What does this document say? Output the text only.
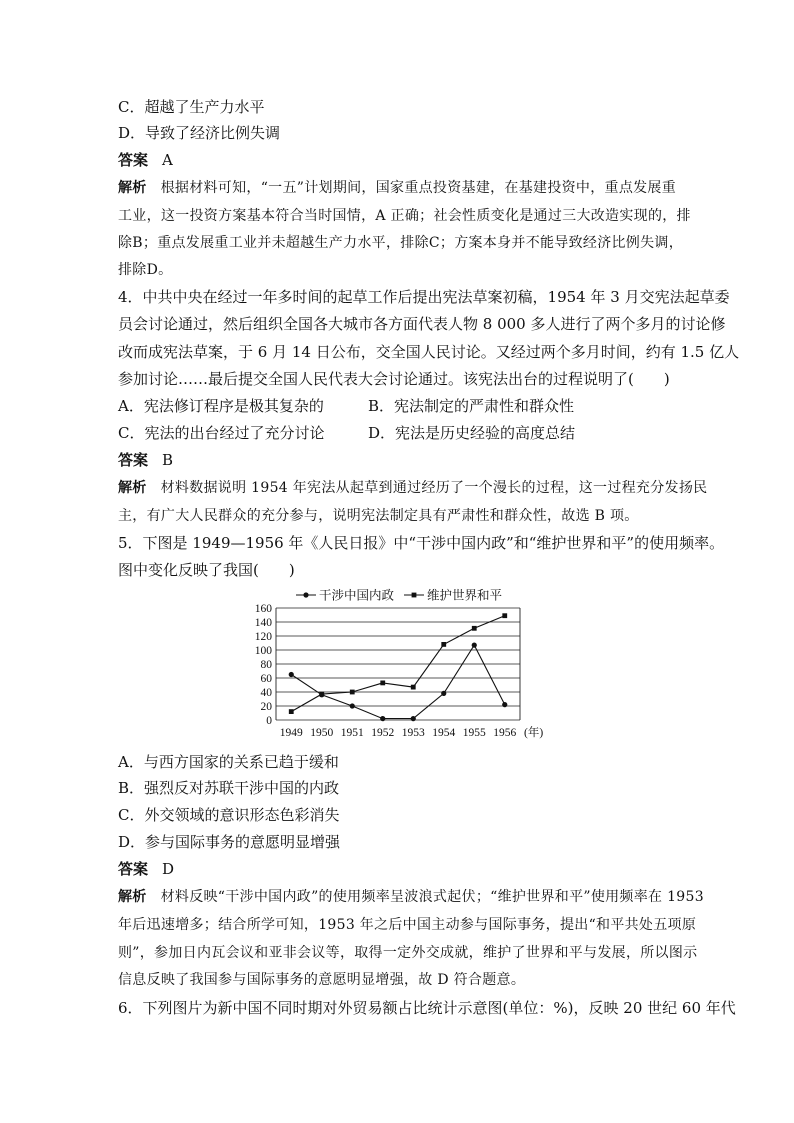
C．超越了生产力水平
D．导致了经济比例失调
答案 A
解析 根据材料可知，“一五”计划期间，国家重点投资基建，在基建投资中，重点发展重
工业，这一投资方案基本符合当时国情，A 正确；社会性质变化是通过三大改造实现的，排
除B；重点发展重工业并未超越生产力水平，排除C；方案本身并不能导致经济比例失调，
排除D。
4．中共中央在经过一年多时间的起草工作后提出宪法草案初稿，1954 年 3 月交宪法起草委
员会讨论通过，然后组织全国各大城市各方面代表人物 8 000 多人进行了两个多月的讨论修
改而成宪法草案，于 6 月 14 日公布，交全国人民讨论。又经过两个多月时间，约有 1.5 亿人
参加讨论……最后提交全国人民代表大会讨论通过。该宪法出台的过程说明了(　　)
A．宪法修订程序是极其复杂的	B．宪法制定的严肃性和群众性
C．宪法的出台经过了充分讨论	D．宪法是历史经验的高度总结
答案 B
解析 材料数据说明 1954 年宪法从起草到通过经历了一个漫长的过程，这一过程充分发扬民
主，有广大人民群众的充分参与，说明宪法制定具有严肃性和群众性，故选 B 项。
5．下图是 1949—1956 年《人民日报》中“干涉中国内政”和“维护世界和平”的使用频率。
图中变化反映了我国(　　)
干涉中国内政	维护世界和平
0
20
40
60
80
100
120
140
160
1949 1950 1951 1952 1953 1954 1955 1956 (年)
A．与西方国家的关系已趋于缓和
B．强烈反对苏联干涉中国的内政
C．外交领域的意识形态色彩消失
D．参与国际事务的意愿明显增强
答案 D
解析 材料反映“干涉中国内政”的使用频率呈波浪式起伏；“维护世界和平”使用频率在 1953
年后迅速增多；结合所学可知，1953 年之后中国主动参与国际事务，提出“和平共处五项原
则”，参加日内瓦会议和亚非会议等，取得一定外交成就，维护了世界和平与发展，所以图示
信息反映了我国参与国际事务的意愿明显增强，故 D 符合题意。
6．下列图片为新中国不同时期对外贸易额占比统计示意图(单位：%)，反映 20 世纪 60 年代
